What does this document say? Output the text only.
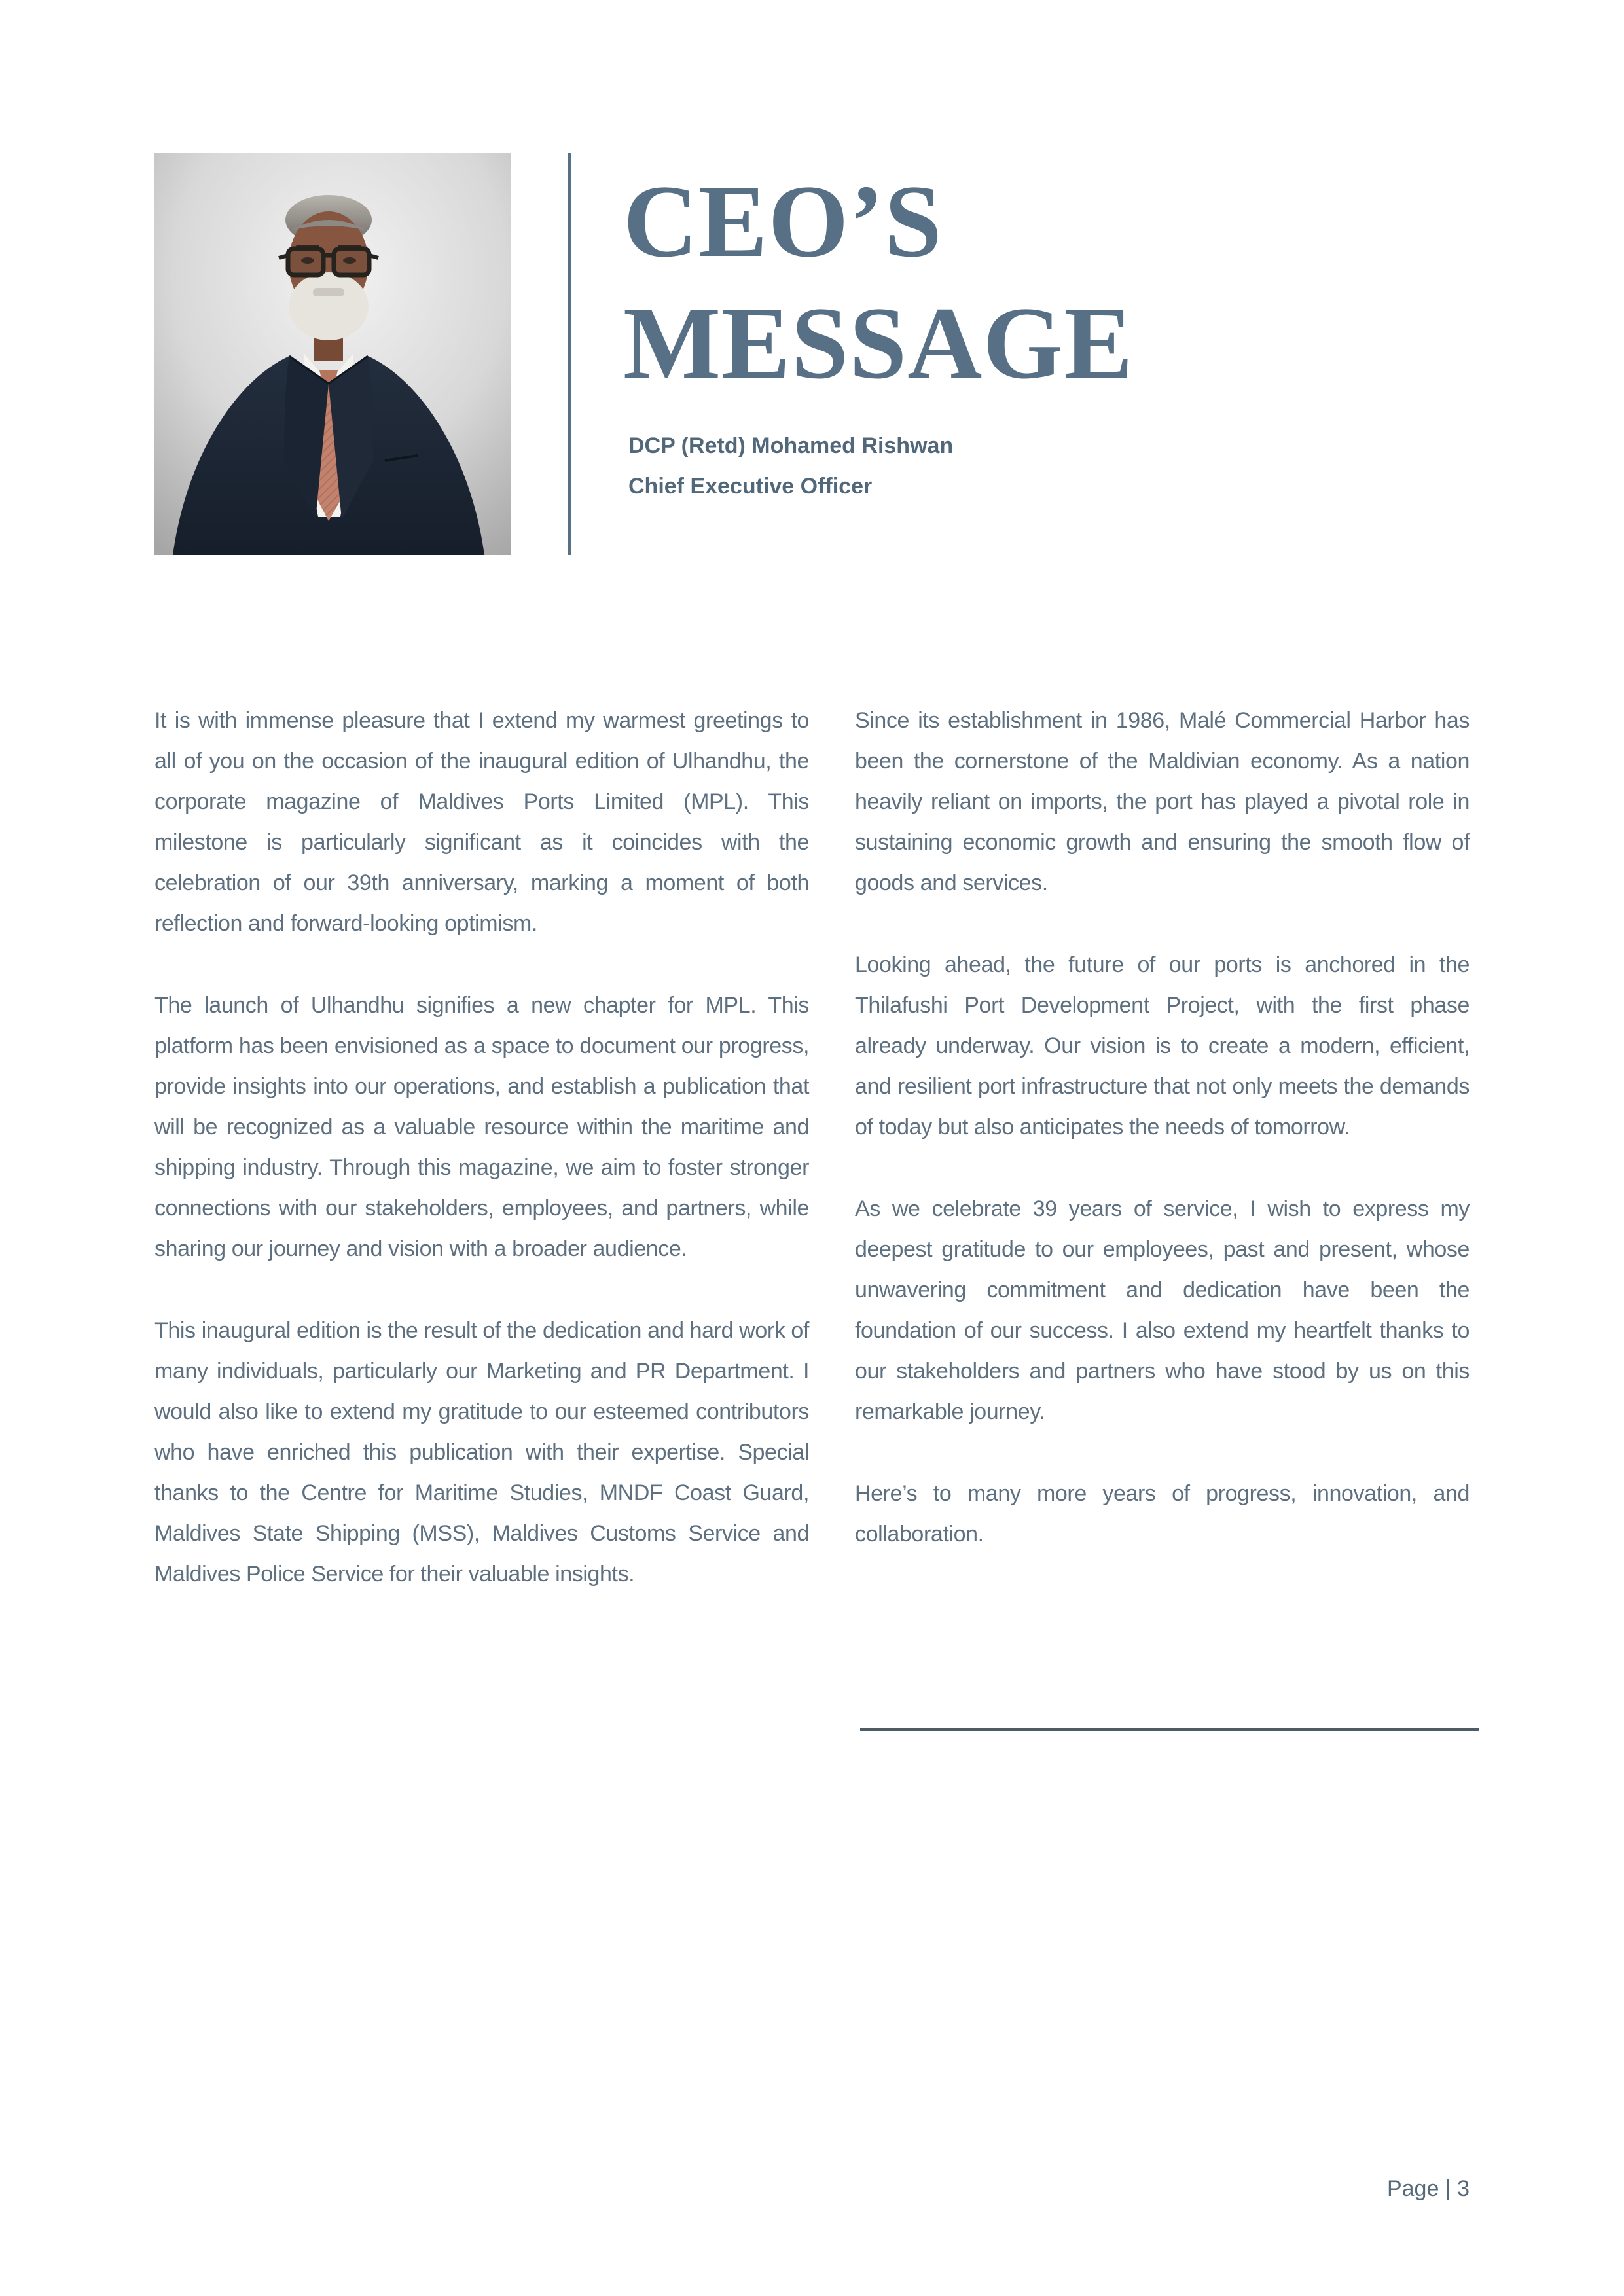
CEO’S
MESSAGE
DCP (Retd) Mohamed Rishwan
Chief Executive Officer

It is with immense pleasure that I extend my warmest greetings to all of you on the occasion of the inaugural edition of Ulhandhu, the corporate magazine of Maldives Ports Limited (MPL). This milestone is particularly significant as it coincides with the celebration of our 39th anniversary, marking a moment of both reflection and forward-looking optimism.

The launch of Ulhandhu signifies a new chapter for MPL. This platform has been envisioned as a space to document our progress, provide insights into our operations, and establish a publication that will be recognized as a valuable resource within the maritime and shipping industry. Through this magazine, we aim to foster stronger connections with our stakeholders, employees, and partners, while sharing our journey and vision with a broader audience.

This inaugural edition is the result of the dedication and hard work of many individuals, particularly our Marketing and PR Department. I would also like to extend my gratitude to our esteemed contributors who have enriched this publication with their expertise. Special thanks to the Centre for Maritime Studies, MNDF Coast Guard, Maldives State Shipping (MSS), Maldives Customs Service and Maldives Police Service for their valuable insights.

Since its establishment in 1986, Malé Commercial Harbor has been the cornerstone of the Maldivian economy. As a nation heavily reliant on imports, the port has played a pivotal role in sustaining economic growth and ensuring the smooth flow of goods and services.

Looking ahead, the future of our ports is anchored in the Thilafushi Port Development Project, with the first phase already underway. Our vision is to create a modern, efficient, and resilient port infrastructure that not only meets the demands of today but also anticipates the needs of tomorrow.

As we celebrate 39 years of service, I wish to express my deepest gratitude to our employees, past and present, whose unwavering commitment and dedication have been the foundation of our success. I also extend my heartfelt thanks to our stakeholders and partners who have stood by us on this remarkable journey.

Here’s to many more years of progress, innovation, and collaboration.

Page | 3
